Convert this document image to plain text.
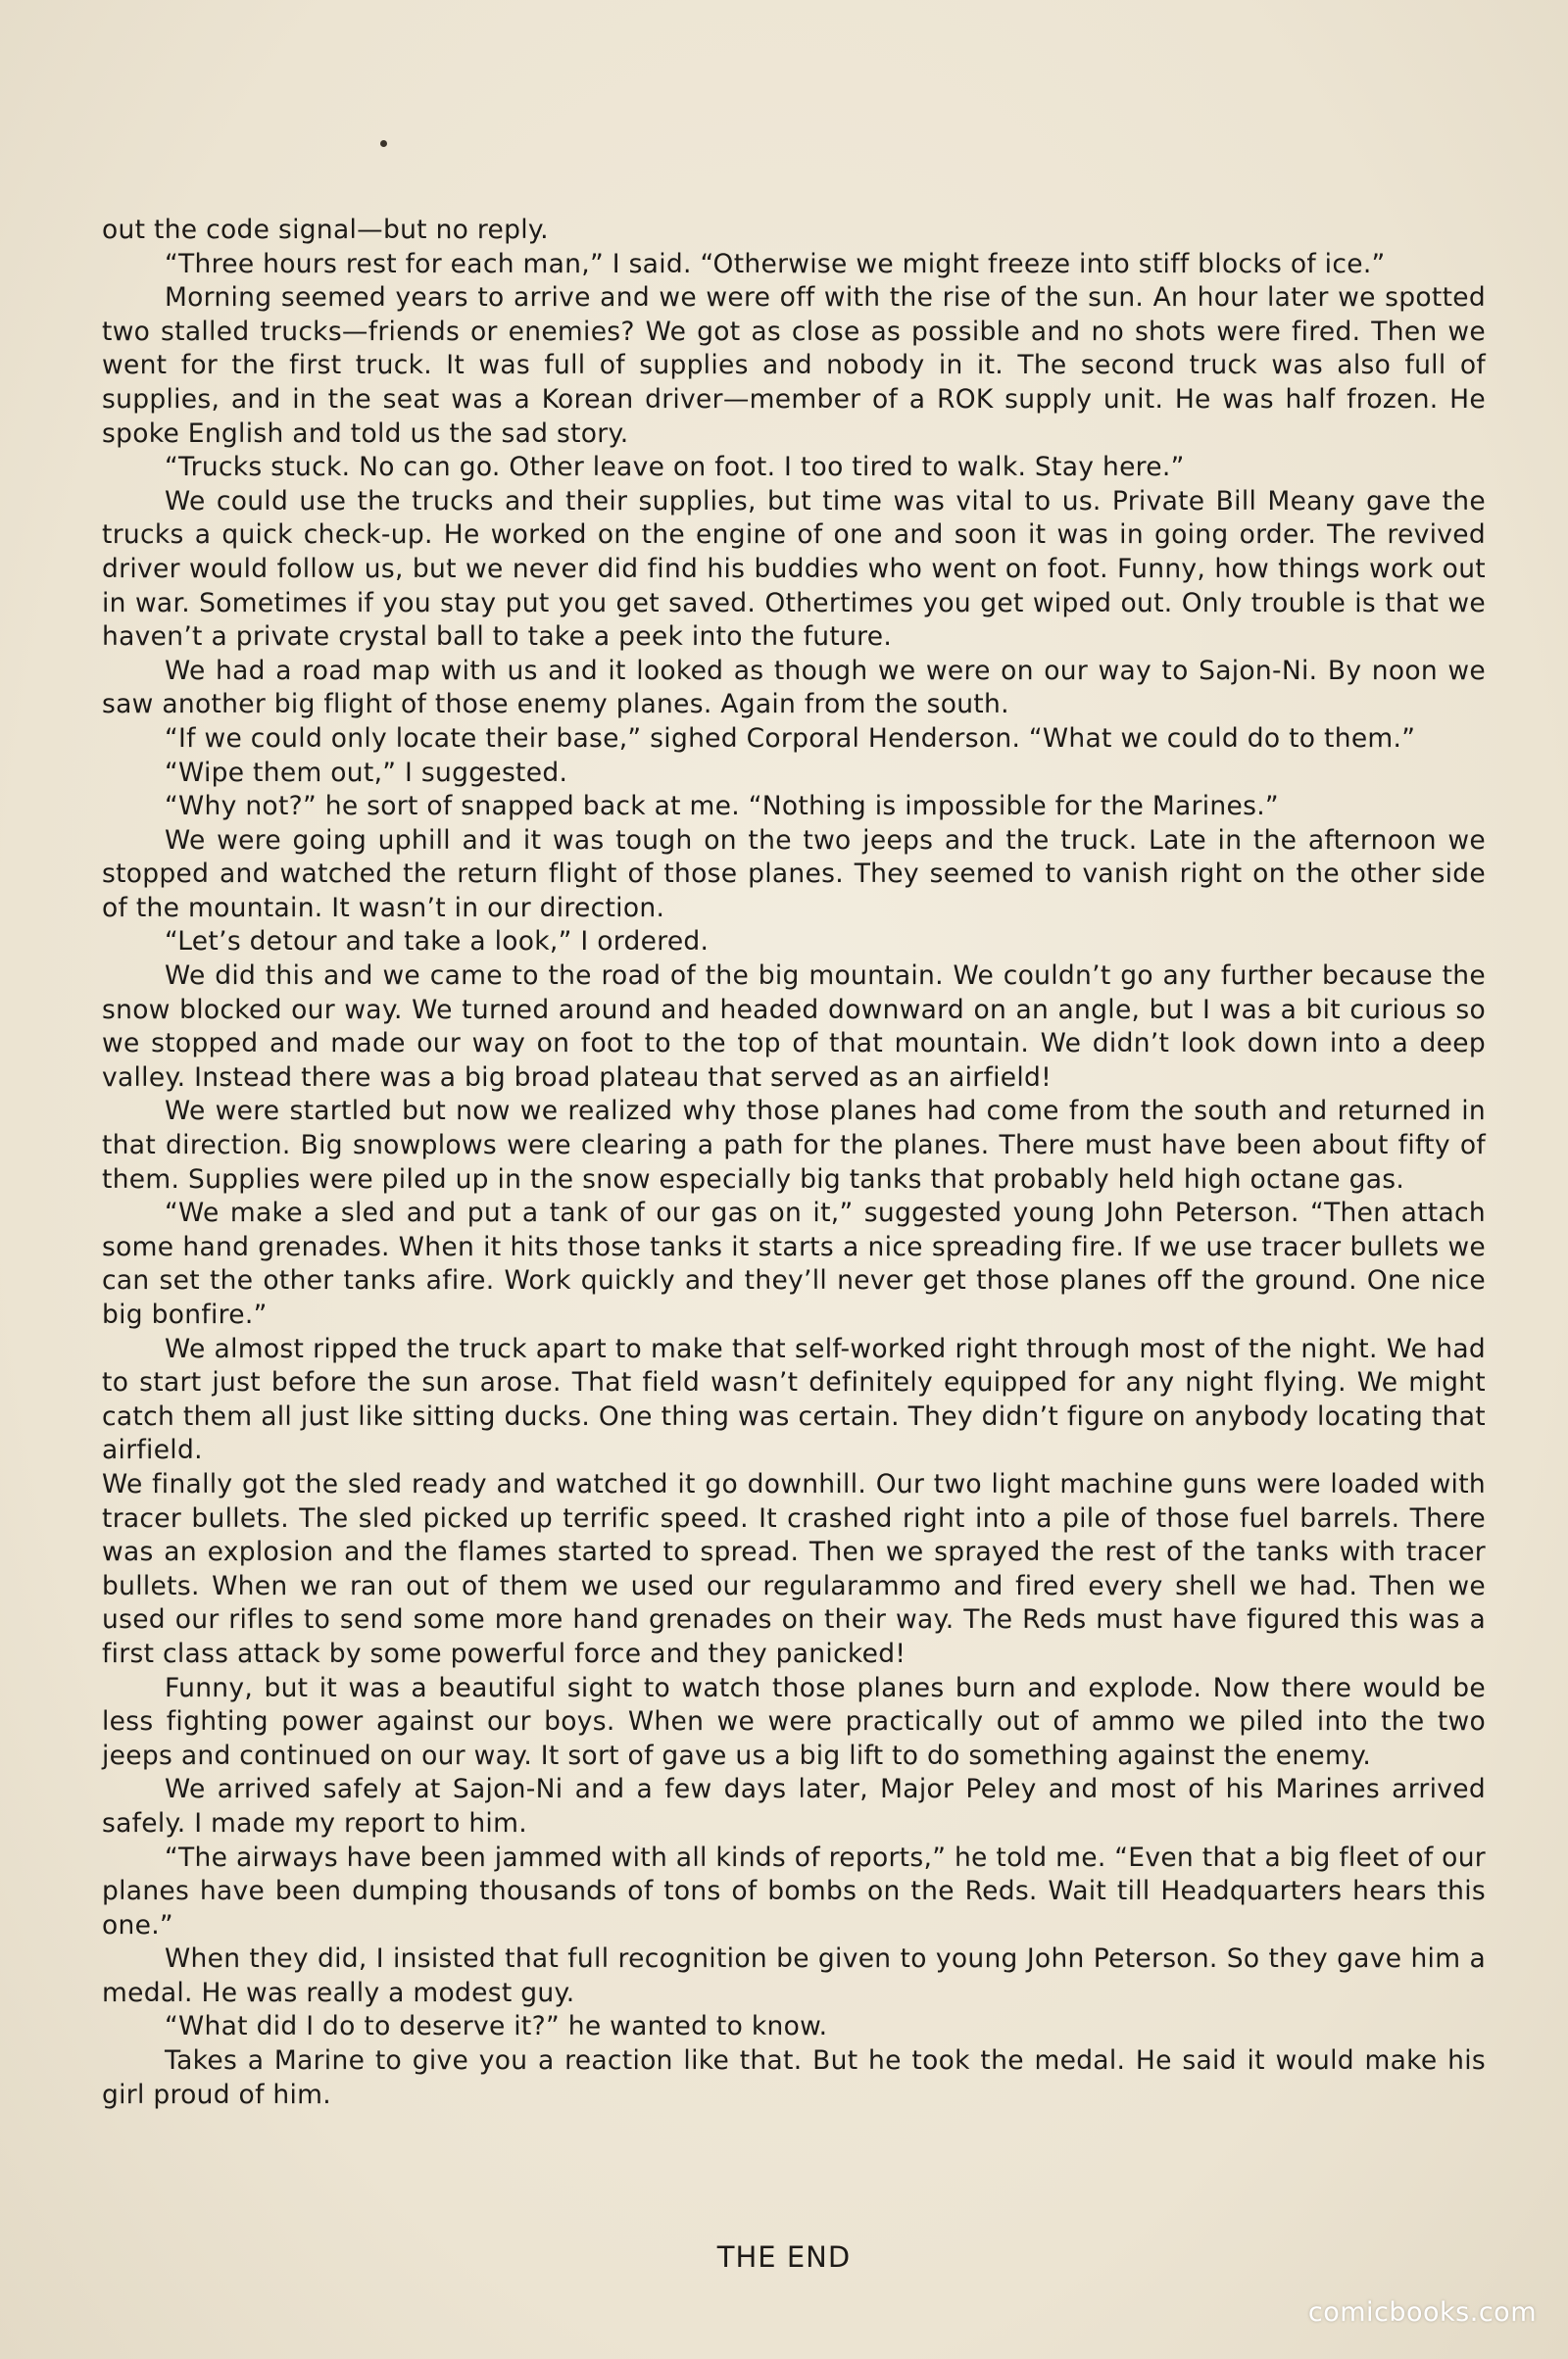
out the code signal—but no reply.

“Three hours rest for each man,” I said. “Otherwise we might freeze into stiff blocks of ice.”

Morning seemed years to arrive and we were off with the rise of the sun. An hour later we spotted two stalled trucks—friends or enemies? We got as close as possible and no shots were fired. Then we went for the first truck. It was full of supplies and nobody in it. The second truck was also full of supplies, and in the seat was a Korean driver—member of a ROK supply unit. He was half frozen. He spoke English and told us the sad story.

“Trucks stuck. No can go. Other leave on foot. I too tired to walk. Stay here.”

We could use the trucks and their supplies, but time was vital to us. Private Bill Meany gave the trucks a quick check-up. He worked on the engine of one and soon it was in going order. The revived driver would follow us, but we never did find his buddies who went on foot. Funny, how things work out in war. Sometimes if you stay put you get saved. Othertimes you get wiped out. Only trouble is that we haven’t a private crystal ball to take a peek into the future.

We had a road map with us and it looked as though we were on our way to Sajon-Ni. By noon we saw another big flight of those enemy planes. Again from the south.

“If we could only locate their base,” sighed Corporal Henderson. “What we could do to them.”

“Wipe them out,” I suggested.

“Why not?” he sort of snapped back at me. “Nothing is impossible for the Marines.”

We were going uphill and it was tough on the two jeeps and the truck. Late in the afternoon we stopped and watched the return flight of those planes. They seemed to vanish right on the other side of the mountain. It wasn’t in our direction.

“Let’s detour and take a look,” I ordered.

We did this and we came to the road of the big mountain. We couldn’t go any further because the snow blocked our way. We turned around and headed downward on an angle, but I was a bit curious so we stopped and made our way on foot to the top of that mountain. We didn’t look down into a deep valley. Instead there was a big broad plateau that served as an airfield!

We were startled but now we realized why those planes had come from the south and returned in that direction. Big snowplows were clearing a path for the planes. There must have been about fifty of them. Supplies were piled up in the snow especially big tanks that probably held high octane gas.

“We make a sled and put a tank of our gas on it,” suggested young John Peterson. “Then attach some hand grenades. When it hits those tanks it starts a nice spreading fire. If we use tracer bullets we can set the other tanks afire. Work quickly and they’ll never get those planes off the ground. One nice big bonfire.”

We almost ripped the truck apart to make that self-worked right through most of the night. We had to start just before the sun arose. That field wasn’t definitely equipped for any night flying. We might catch them all just like sitting ducks. One thing was certain. They didn’t figure on anybody locating that airfield.

We finally got the sled ready and watched it go downhill. Our two light machine guns were loaded with tracer bullets. The sled picked up terrific speed. It crashed right into a pile of those fuel barrels. There was an explosion and the flames started to spread. Then we sprayed the rest of the tanks with tracer bullets. When we ran out of them we used our regularammo and fired every shell we had. Then we used our rifles to send some more hand grenades on their way. The Reds must have figured this was a first class attack by some powerful force and they panicked!

Funny, but it was a beautiful sight to watch those planes burn and explode. Now there would be less fighting power against our boys. When we were practically out of ammo we piled into the two jeeps and continued on our way. It sort of gave us a big lift to do something against the enemy.

We arrived safely at Sajon-Ni and a few days later, Major Peley and most of his Marines arrived safely. I made my report to him.

“The airways have been jammed with all kinds of reports,” he told me. “Even that a big fleet of our planes have been dumping thousands of tons of bombs on the Reds. Wait till Headquarters hears this one.”

When they did, I insisted that full recognition be given to young John Peterson. So they gave him a medal. He was really a modest guy.

“What did I do to deserve it?” he wanted to know.

Takes a Marine to give you a reaction like that. But he took the medal. He said it would make his girl proud of him.

THE END
comicbooks.com
